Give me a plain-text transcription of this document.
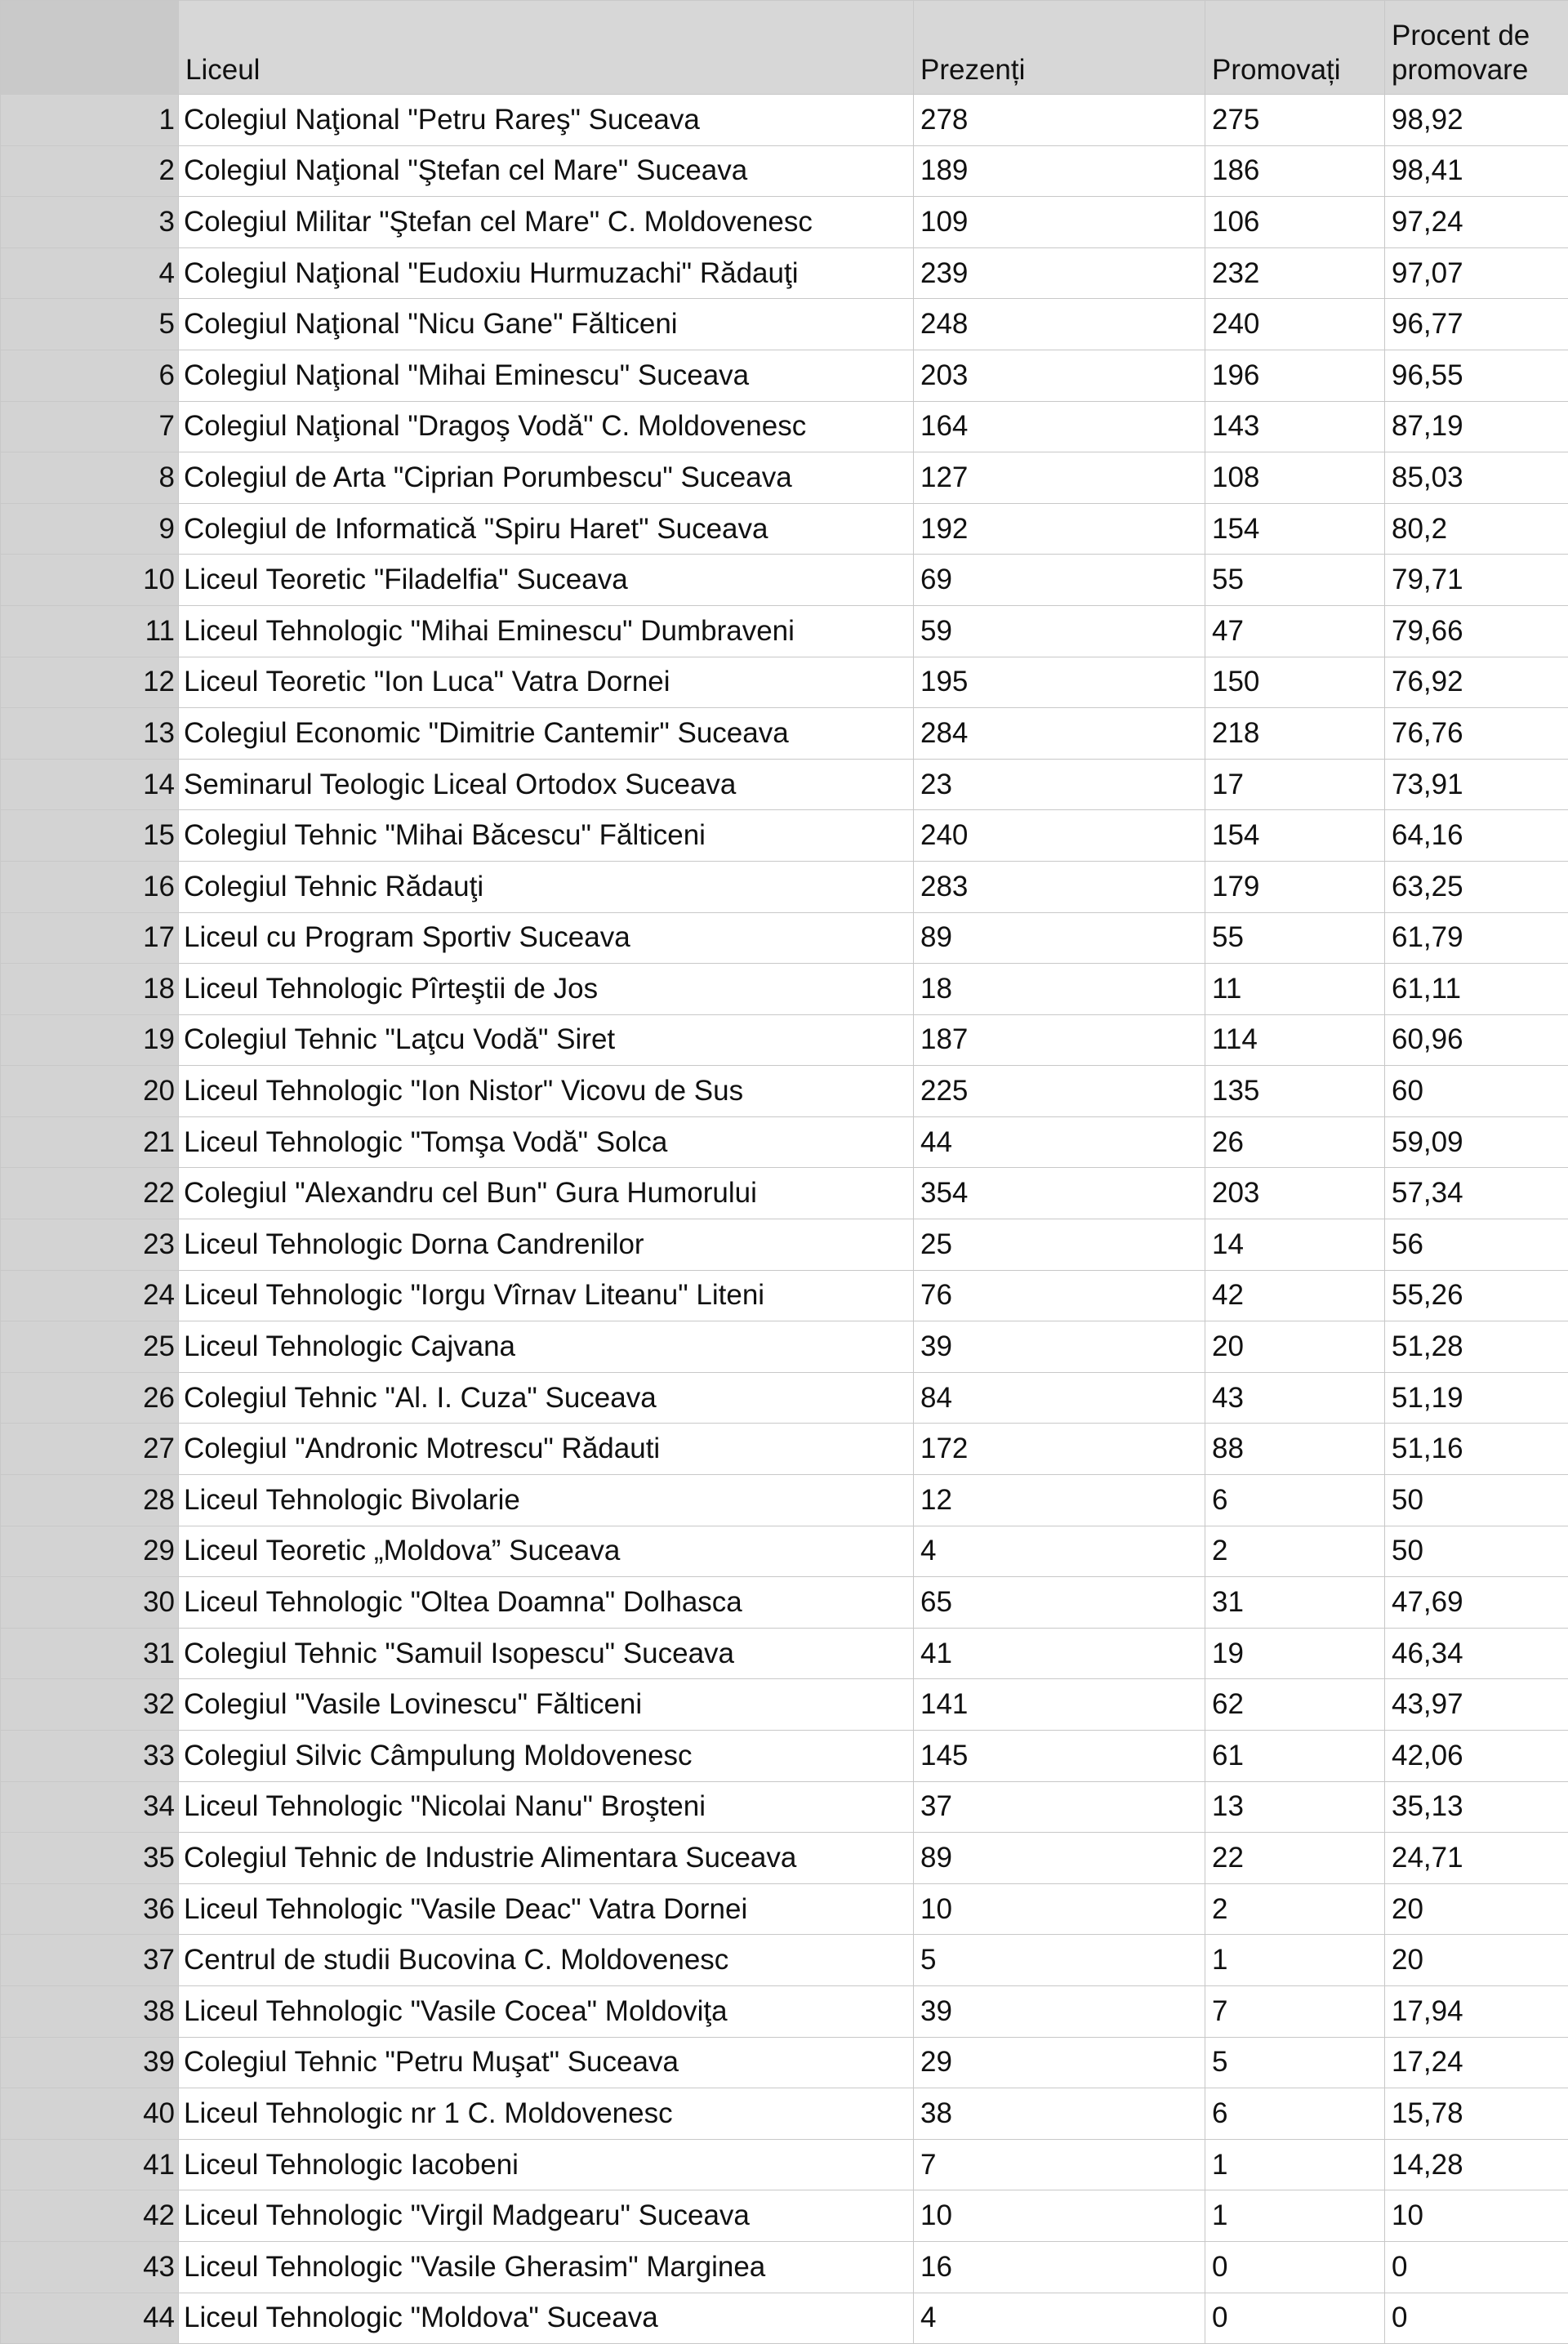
	Liceul	Prezenți	Promovați	Procent de promovare
1	Colegiul Naţional "Petru Rareş" Suceava	278	275	98,92
2	Colegiul Naţional "Ştefan cel Mare" Suceava	189	186	98,41
3	Colegiul Militar "Ştefan cel Mare" C. Moldovenesc	109	106	97,24
4	Colegiul Naţional "Eudoxiu Hurmuzachi" Rădauţi	239	232	97,07
5	Colegiul Naţional "Nicu Gane" Fălticeni	248	240	96,77
6	Colegiul Naţional "Mihai Eminescu" Suceava	203	196	96,55
7	Colegiul Naţional "Dragoş Vodă" C. Moldovenesc	164	143	87,19
8	Colegiul de Arta "Ciprian Porumbescu" Suceava	127	108	85,03
9	Colegiul de Informatică "Spiru Haret" Suceava	192	154	80,2
10	Liceul Teoretic "Filadelfia" Suceava	69	55	79,71
11	Liceul Tehnologic "Mihai Eminescu" Dumbraveni	59	47	79,66
12	Liceul Teoretic "Ion Luca" Vatra Dornei	195	150	76,92
13	Colegiul Economic "Dimitrie Cantemir" Suceava	284	218	76,76
14	Seminarul Teologic Liceal Ortodox Suceava	23	17	73,91
15	Colegiul Tehnic "Mihai Băcescu" Fălticeni	240	154	64,16
16	Colegiul Tehnic Rădauţi	283	179	63,25
17	Liceul cu Program Sportiv Suceava	89	55	61,79
18	Liceul Tehnologic Pîrteştii de Jos	18	11	61,11
19	Colegiul Tehnic "Laţcu Vodă" Siret	187	114	60,96
20	Liceul Tehnologic "Ion Nistor" Vicovu de Sus	225	135	60
21	Liceul Tehnologic "Tomşa Vodă" Solca	44	26	59,09
22	Colegiul "Alexandru cel Bun" Gura Humorului	354	203	57,34
23	Liceul Tehnologic Dorna Candrenilor	25	14	56
24	Liceul Tehnologic "Iorgu Vîrnav Liteanu" Liteni	76	42	55,26
25	Liceul Tehnologic Cajvana	39	20	51,28
26	Colegiul Tehnic "Al. I. Cuza" Suceava	84	43	51,19
27	Colegiul "Andronic Motrescu" Rădauti	172	88	51,16
28	Liceul Tehnologic Bivolarie	12	6	50
29	Liceul Teoretic „Moldova” Suceava	4	2	50
30	Liceul Tehnologic "Oltea Doamna" Dolhasca	65	31	47,69
31	Colegiul Tehnic "Samuil Isopescu" Suceava	41	19	46,34
32	Colegiul "Vasile Lovinescu" Fălticeni	141	62	43,97
33	Colegiul Silvic Câmpulung Moldovenesc	145	61	42,06
34	Liceul Tehnologic "Nicolai Nanu" Broşteni	37	13	35,13
35	Colegiul Tehnic de Industrie Alimentara Suceava	89	22	24,71
36	Liceul Tehnologic "Vasile Deac" Vatra Dornei	10	2	20
37	Centrul de studii Bucovina C. Moldovenesc	5	1	20
38	Liceul Tehnologic "Vasile Cocea" Moldoviţa	39	7	17,94
39	Colegiul Tehnic "Petru Muşat" Suceava	29	5	17,24
40	Liceul Tehnologic nr 1 C. Moldovenesc	38	6	15,78
41	Liceul Tehnologic Iacobeni	7	1	14,28
42	Liceul Tehnologic "Virgil Madgearu" Suceava	10	1	10
43	Liceul Tehnologic "Vasile Gherasim" Marginea	16	0	0
44	Liceul Tehnologic "Moldova" Suceava	4	0	0
